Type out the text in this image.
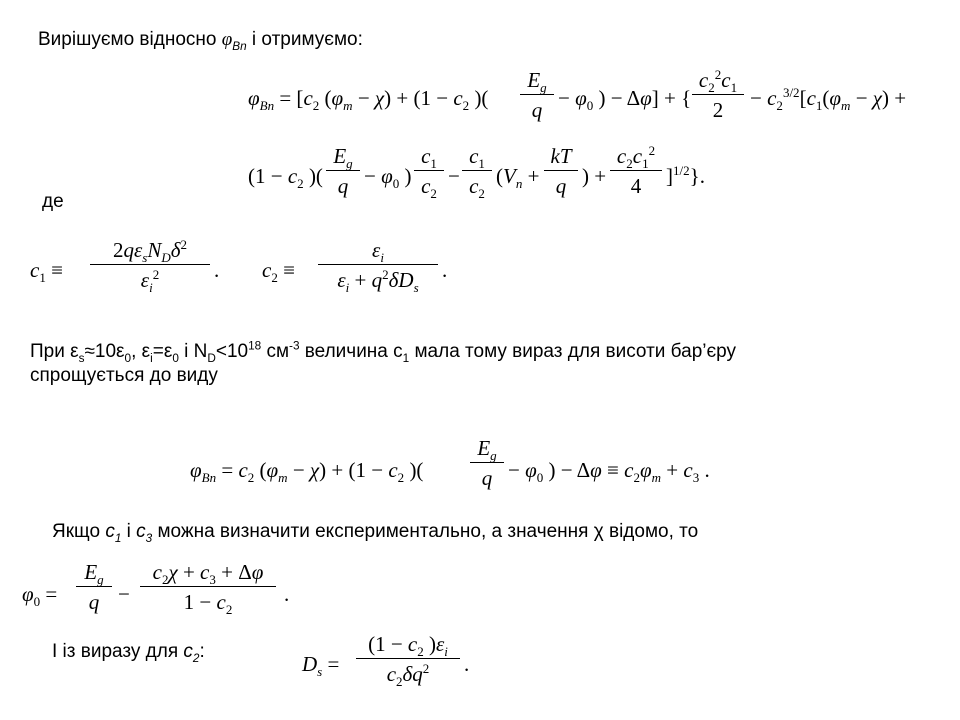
Вирішуємо відносно $\varphi_{Bn}$ і отримуємо:
$\varphi_{Bn} = [c_2$ $(\varphi_m - \chi) + (1 - c_2$ )( $\frac{E_g}{q} - \varphi_0$ ) − Δφ] + { $\frac{c_2^2c_1}{2} - c_2^{3/2}[c_1(\varphi_m - \chi)$ +
($1 - c_2$ )( $\frac{E_g}{q} - \varphi_0$ ) $\frac{c_1}{c_2} - \frac{c_1}{c_2} (V_n + \frac{kT}{q}$ ) + $\frac{c_2c_1^2}{4} ]^{1/2}$}.
де
$c_1$ ≡
$2q\varepsilon_sN_D\delta^2$
$\varepsilon_i^2$	. $c_2$ ≡
$\varepsilon_i$
$\varepsilon_i + q^2\delta D_s$
.
При $\varepsilon_s\approx 10\varepsilon_0$, $\varepsilon_i=\varepsilon_0$ і $N_D<10^{18}$ $см^{-3}$ величина $с_1$ мала тому вираз для висоти бар’єру
спрощується до виду
$\varphi_{Bn} = c_2$ $(\varphi_m - \chi) + (1 - c_2$ )( $\frac{E_g}{q} - \varphi_0$ ) − $\Delta\varphi \equiv c_2\varphi_m + c_3$ .
Якщо $c_1$ і $c_3$ можна визначити експериментально, а значення χ відомо, то
$\varphi_0 = \frac{E_g}{q} - \frac{c_2\chi + c_3 + \Delta\varphi}{1 - c_2}$ .
І із виразу для $c_2$:
$D_s = \frac{(1 - c_2 )\varepsilon_i}{c_2\delta q^2}$ .
